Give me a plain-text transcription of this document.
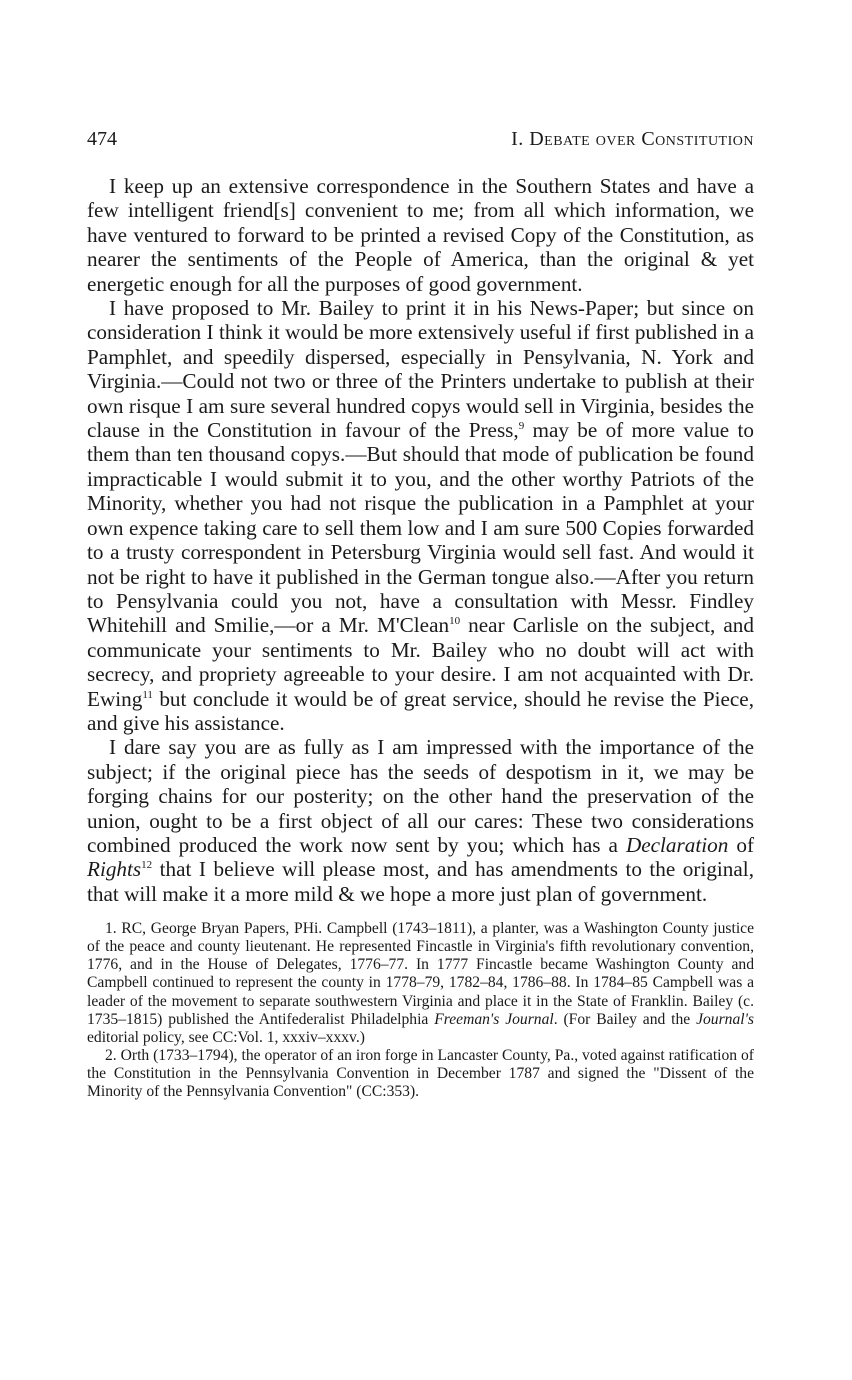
474	I. Debate over Constitution

I keep up an extensive correspondence in the Southern States and have a few intelligent friend[s] convenient to me; from all which information, we have ventured to forward to be printed a revised Copy of the Constitution, as nearer the sentiments of the People of America, than the original & yet energetic enough for all the purposes of good government.

I have proposed to Mr. Bailey to print it in his News-Paper; but since on consideration I think it would be more extensively useful if first published in a Pamphlet, and speedily dispersed, especially in Pensylvania, N. York and Virginia.—Could not two or three of the Printers undertake to publish at their own risque I am sure several hundred copys would sell in Virginia, besides the clause in the Constitution in favour of the Press,$^9$ may be of more value to them than ten thousand copys.—But should that mode of publication be found impracticable I would submit it to you, and the other worthy Patriots of the Minority, whether you had not risque the publication in a Pamphlet at your own expence taking care to sell them low and I am sure 500 Copies forwarded to a trusty correspondent in Petersburg Virginia would sell fast. And would it not be right to have it published in the German tongue also.—After you return to Pensylvania could you not, have a consultation with Messr. Findley Whitehill and Smilie,—or a Mr. M'Clean$^{10}$ near Carlisle on the subject, and communicate your sentiments to Mr. Bailey who no doubt will act with secrecy, and propriety agreeable to your desire. I am not acquainted with Dr. Ewing$^{11}$ but conclude it would be of great service, should he revise the Piece, and give his assistance.

I dare say you are as fully as I am impressed with the importance of the subject; if the original piece has the seeds of despotism in it, we may be forging chains for our posterity; on the other hand the preservation of the union, ought to be a first object of all our cares: These two considerations combined produced the work now sent by you; which has a Declaration of Rights$^{12}$ that I believe will please most, and has amendments to the original, that will make it a more mild & we hope a more just plan of government.

1. RC, George Bryan Papers, PHi. Campbell (1743–1811), a planter, was a Washington County justice of the peace and county lieutenant. He represented Fincastle in Virginia's fifth revolutionary convention, 1776, and in the House of Delegates, 1776–77. In 1777 Fincastle became Washington County and Campbell continued to represent the county in 1778–79, 1782–84, 1786–88. In 1784–85 Campbell was a leader of the movement to separate southwestern Virginia and place it in the State of Franklin. Bailey (c. 1735–1815) published the Antifederalist Philadelphia Freeman's Journal. (For Bailey and the Journal's editorial policy, see CC:Vol. 1, xxxiv–xxxv.)

2. Orth (1733–1794), the operator of an iron forge in Lancaster County, Pa., voted against ratification of the Constitution in the Pennsylvania Convention in December 1787 and signed the "Dissent of the Minority of the Pennsylvania Convention" (CC:353).
